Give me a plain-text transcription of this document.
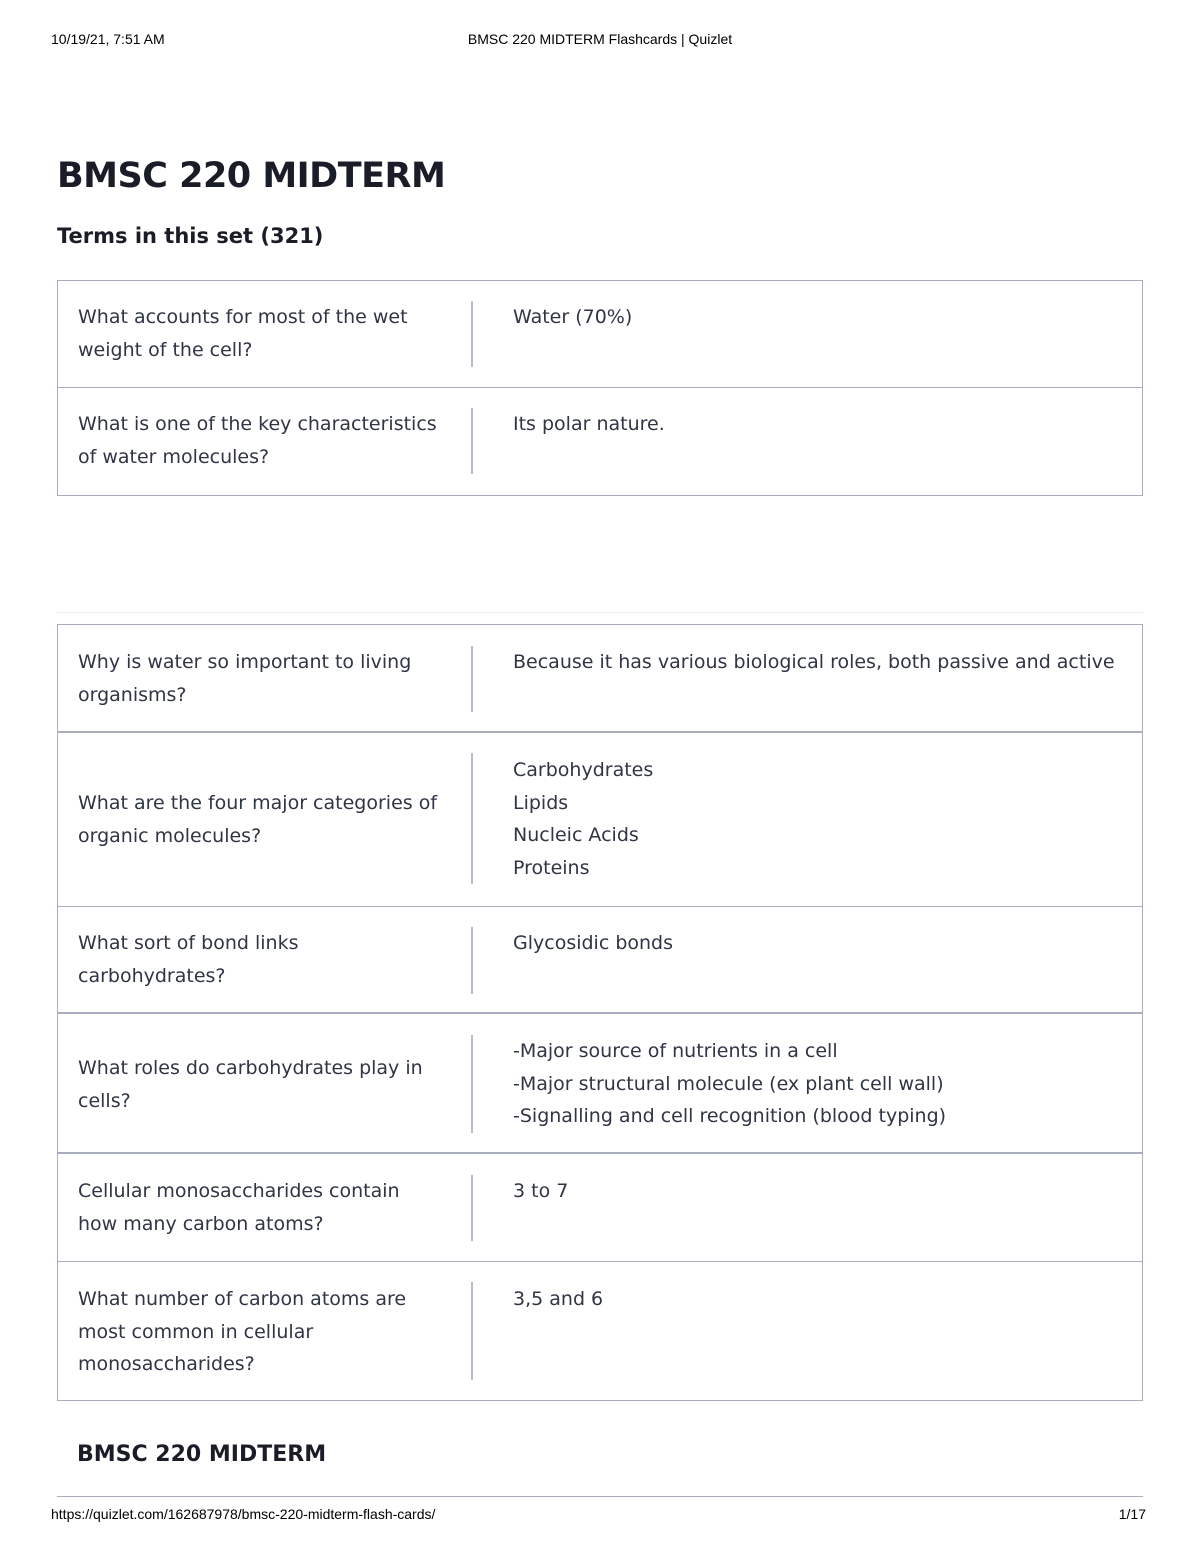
10/19/21, 7:51 AM	BMSC 220 MIDTERM Flashcards | Quizlet
BMSC 220 MIDTERM
Terms in this set (321)
What accounts for most of the wet
weight of the cell?
Water (70%)
What is one of the key characteristics
of water molecules?
Its polar nature.
Why is water so important to living
organisms?
Because it has various biological roles, both passive and active
What are the four major categories of
organic molecules?
Carbohydrates
Lipids
Nucleic Acids
Proteins
What sort of bond links
carbohydrates?
Glycosidic bonds
What roles do carbohydrates play in
cells?
-Major source of nutrients in a cell
-Major structural molecule (ex plant cell wall)
-Signalling and cell recognition (blood typing)
Cellular monosaccharides contain
how many carbon atoms?
3 to 7
What number of carbon atoms are
most common in cellular
monosaccharides?
3,5 and 6
BMSC 220 MIDTERM
https://quizlet.com/162687978/bmsc-220-midterm-flash-cards/	1/17
